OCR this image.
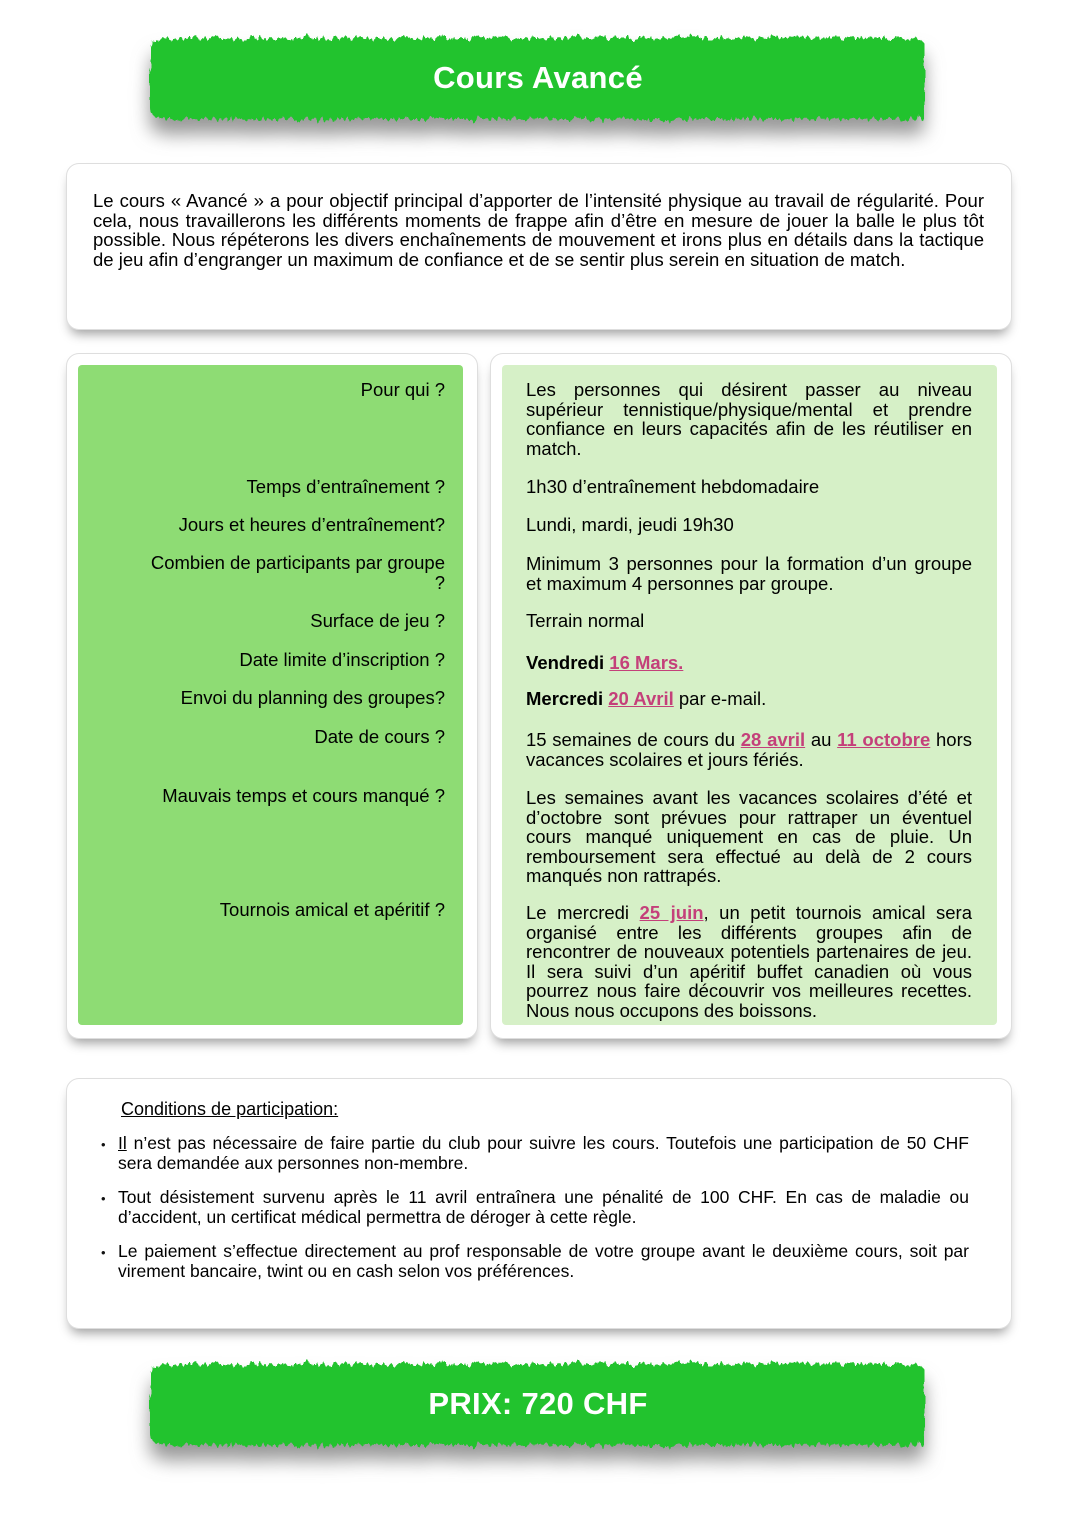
Cours Avancé

Le cours « Avancé » a pour objectif principal d’apporter de l’intensité physique au travail de régularité. Pour cela, nous travaillerons les différents moments de frappe afin d’être en mesure de jouer la balle le plus tôt possible. Nous répéterons les divers enchaînements de mouvement et irons plus en détails dans la tactique de jeu afin d’engranger un maximum de confiance et de se sentir plus serein en situation de match.

Pour qui ?
Temps d’entraînement ?
Jours et heures d’entraînement?
Combien de participants par groupe ?
Surface de jeu ?
Date limite d’inscription ?
Envoi du planning des groupes?
Date de cours ?
Mauvais temps et cours manqué ?
Tournois amical et apéritif ?
Les personnes qui désirent passer au niveau supérieur tennistique/physique/mental et prendre confiance en leurs capacités afin de les réutiliser en match.
1h30 d’entraînement hebdomadaire
Lundi, mardi, jeudi 19h30
Minimum 3 personnes pour la formation d’un groupe et maximum 4 personnes par groupe.
Terrain normal
Vendredi 16 Mars.
Mercredi 20 Avril par e-mail.
15 semaines de cours du 28 avril au 11 octobre hors vacances scolaires et jours fériés.
Les semaines avant les vacances scolaires d’été et d’octobre sont prévues pour rattraper un éventuel cours manqué uniquement en cas de pluie. Un remboursement sera effectué au delà de 2 cours manqués non rattrapés.
Le mercredi 25 juin, un petit tournois amical sera organisé entre les différents groupes afin de rencontrer de nouveaux potentiels partenaires de jeu. Il sera suivi d’un apéritif buffet canadien où vous pourrez nous faire découvrir vos meilleures recettes. Nous nous occupons des boissons.
Conditions de participation:
• Il n’est pas nécessaire de faire partie du club pour suivre les cours. Toutefois une participation de 50 CHF sera demandée aux personnes non-membre.
• Tout désistement survenu après le 11 avril entraînera une pénalité de 100 CHF. En cas de maladie ou d’accident, un certificat médical permettra de déroger à cette règle.
• Le paiement s’effectue directement au prof responsable de votre groupe avant le deuxième cours, soit par virement bancaire, twint ou en cash selon vos préférences.
PRIX: 720 CHF
